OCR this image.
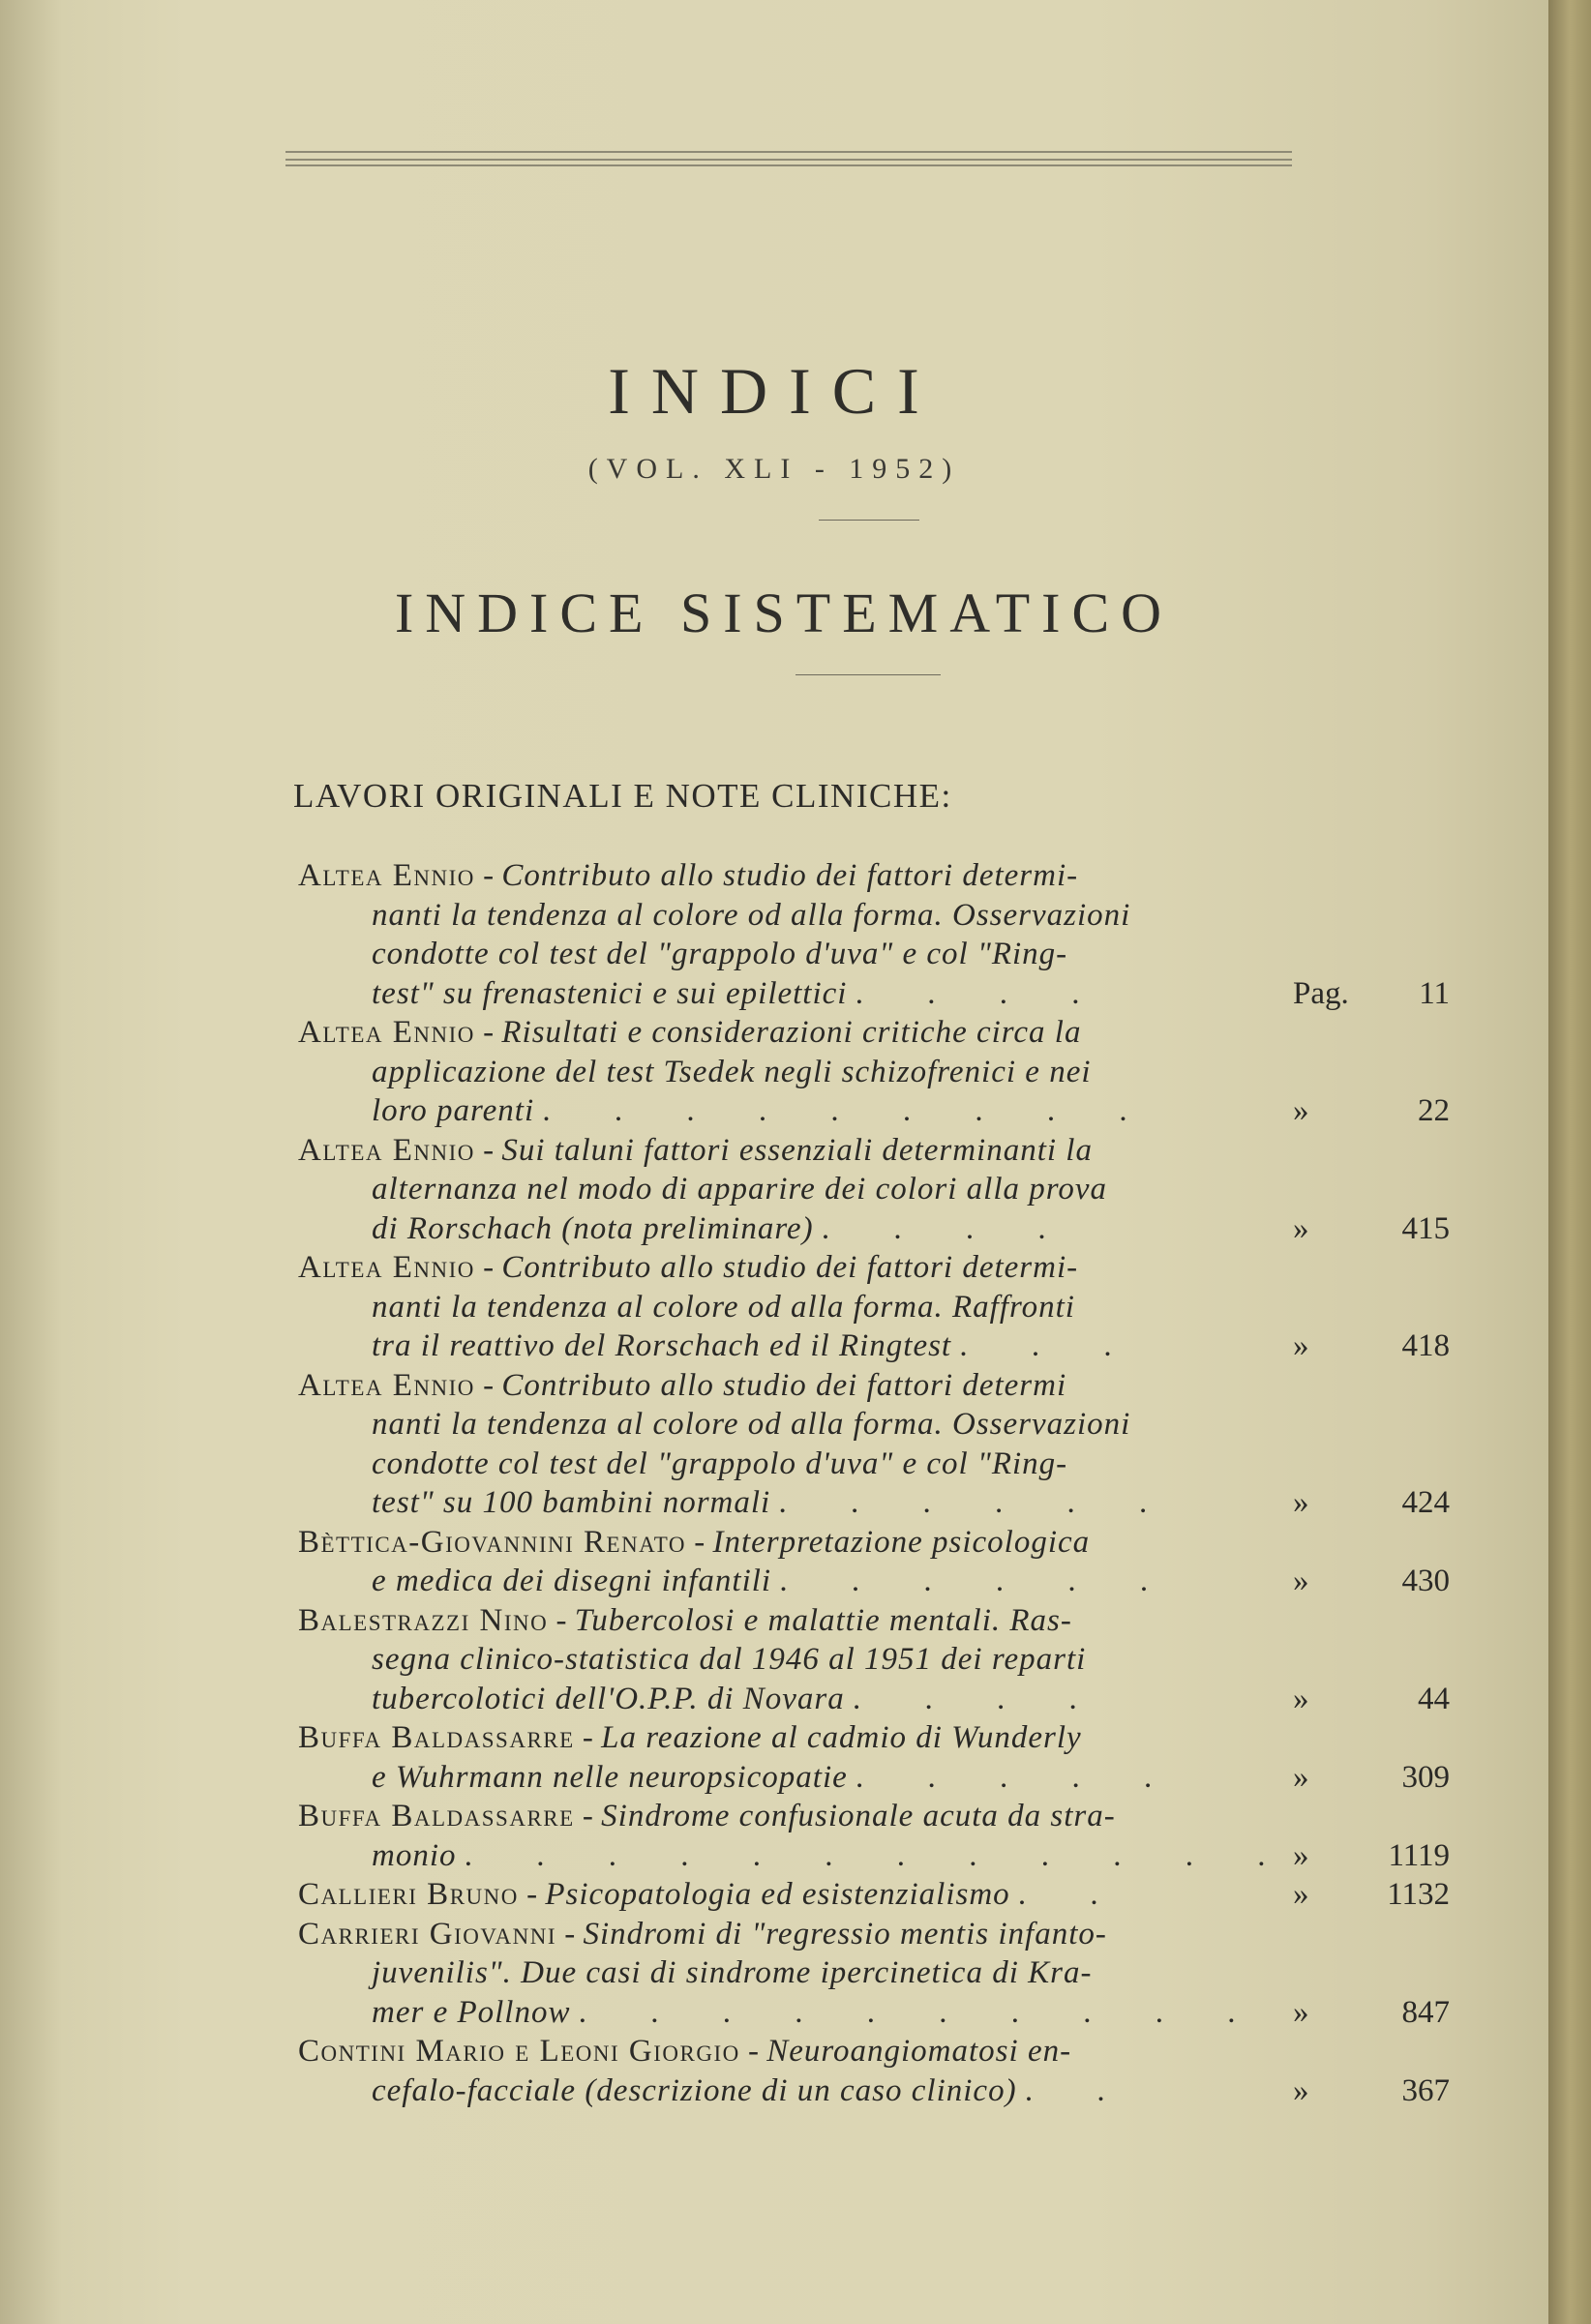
INDICI
(VOL. XLI - 1952)
INDICE SISTEMATICO
LAVORI ORIGINALI E NOTE CLINICHE:
Altea Ennio - Contributo allo studio dei fattori determi-
nanti la tendenza al colore od alla forma. Osservazioni
condotte col test del "grappolo d'uva" e col "Ring-
test" su frenastenici e sui epilettici . . . .	Pag. 11
Altea Ennio - Risultati e considerazioni critiche circa la
applicazione del test Tsedek negli schizofrenici e nei
loro parenti . . . . . . . . .	»	22
Altea Ennio - Sui taluni fattori essenziali determinanti la
alternanza nel modo di apparire dei colori alla prova
di Rorschach (nota preliminare) . . . .	»	415
Altea Ennio - Contributo allo studio dei fattori determi-
nanti la tendenza al colore od alla forma. Raffronti
tra il reattivo del Rorschach ed il Ringtest . . .	»	418
Altea Ennio - Contributo allo studio dei fattori determi
nanti la tendenza al colore od alla forma. Osservazioni
condotte col test del "grappolo d'uva" e col "Ring-
test" su 100 bambini normali . . . . . .	»	424
Bèttica-Giovannini Renato - Interpretazione psicologica
e medica dei disegni infantili . . . . . .	»	430
Balestrazzi Nino - Tubercolosi e malattie mentali. Ras-
segna clinico-statistica dal 1946 al 1951 dei reparti
tubercolotici dell'O.P.P. di Novara . . . .	»	44
Buffa Baldassarre - La reazione al cadmio di Wunderly
e Wuhrmann nelle neuropsicopatie . . . . .	»	309
Buffa Baldassarre - Sindrome confusionale acuta da stra-
monio . . . . . . . . . . . . » 1119
Callieri Bruno - Psicopatologia ed esistenzialismo . .	» 1132
Carrieri Giovanni - Sindromi di "regressio mentis infanto-
juvenilis". Due casi di sindrome ipercinetica di Kra-
mer e Pollnow . . . . . . . . . . »	847
Contini Mario e Leoni Giorgio - Neuroangiomatosi en-
cefalo-facciale (descrizione di un caso clinico) . .	»	367
